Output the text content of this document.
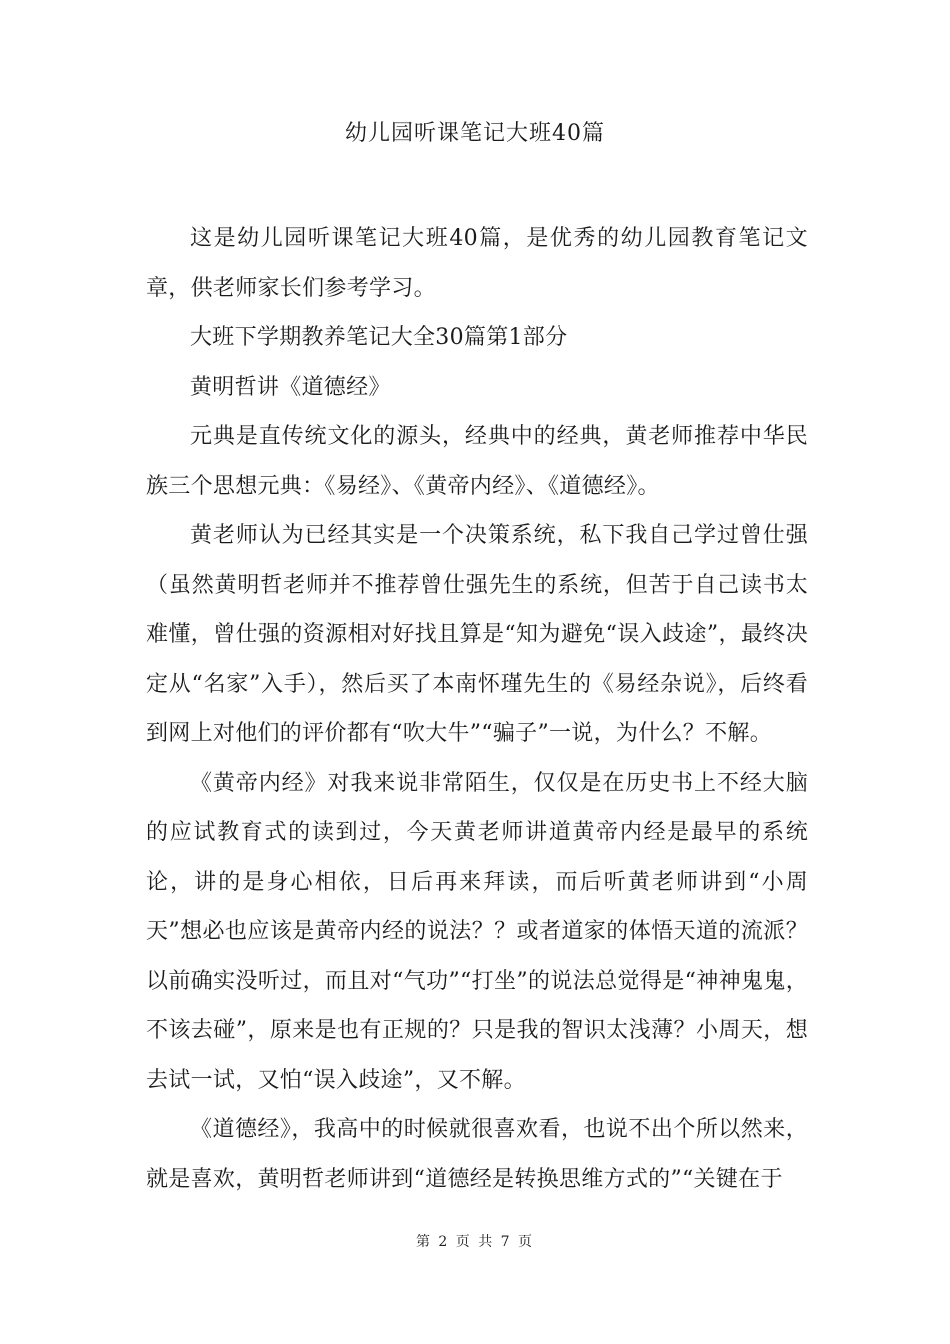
幼儿园听课笔记大班40篇

这是幼儿园听课笔记大班40篇，是优秀的幼儿园教育笔记文章，供老师家长们参考学习。

大班下学期教养笔记大全30篇第1部分

黄明哲讲《道德经》

元典是直传统文化的源头，经典中的经典，黄老师推荐中华民族三个思想元典：《易经》、《黄帝内经》、《道德经》。

黄老师认为已经其实是一个决策系统，私下我自己学过曾仕强（虽然黄明哲老师并不推荐曾仕强先生的系统，但苦于自己读书太难懂，曾仕强的资源相对好找且算是“知为避免“误入歧途”，最终决定从“名家”入手），然后买了本南怀瑾先生的《易经杂说》，后终看到网上对他们的评价都有“吹大牛”“骗子”一说，为什么？不解。

《黄帝内经》对我来说非常陌生，仅仅是在历史书上不经大脑的应试教育式的读到过，今天黄老师讲道黄帝内经是最早的系统论，讲的是身心相依，日后再来拜读，而后听黄老师讲到“小周天”想必也应该是黄帝内经的说法？？或者道家的体悟天道的流派？以前确实没听过，而且对“气功”“打坐”的说法总觉得是“神神鬼鬼，不该去碰”，原来是也有正规的？只是我的智识太浅薄？小周天，想去试一试，又怕“误入歧途”，又不解。

《道德经》，我高中的时候就很喜欢看，也说不出个所以然来，就是喜欢，黄明哲老师讲到“道德经是转换思维方式的”“关键在于

第 2 页 共 7 页
